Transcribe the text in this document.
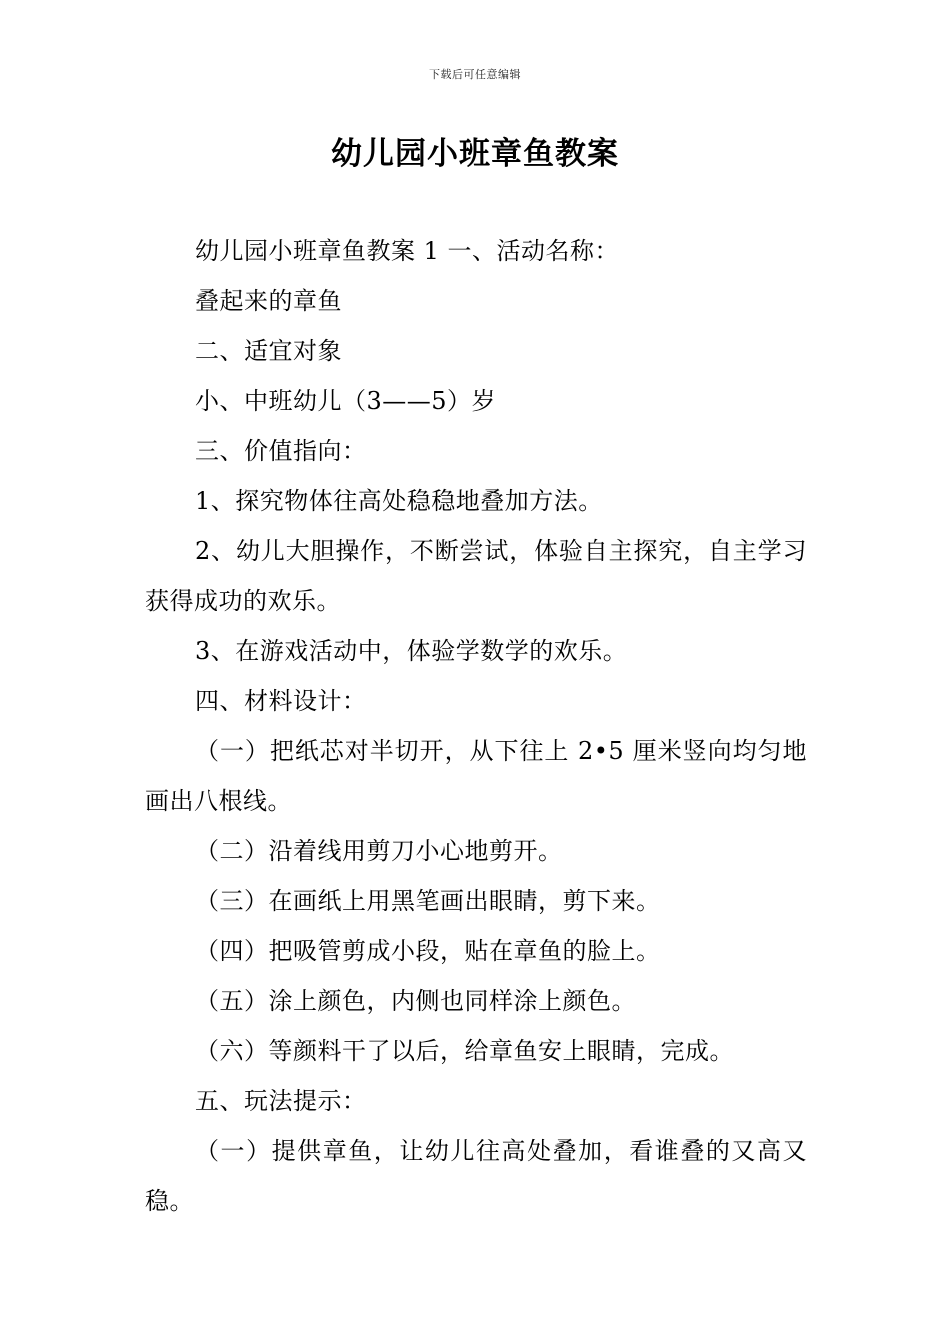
下载后可任意编辑
幼儿园小班章鱼教案

幼儿园小班章鱼教案 1 一、活动名称：

叠起来的章鱼

二、适宜对象

小、中班幼儿（3——5）岁

三、价值指向：

1、探究物体往高处稳稳地叠加方法。

2、幼儿大胆操作，不断尝试，体验自主探究，自主学习获得成功的欢乐。

3、在游戏活动中，体验学数学的欢乐。

四、材料设计：

（一）把纸芯对半切开，从下往上 2•5 厘米竖向均匀地画出八根线。

（二）沿着线用剪刀小心地剪开。

（三）在画纸上用黑笔画出眼睛，剪下来。

（四）把吸管剪成小段，贴在章鱼的脸上。

（五）涂上颜色，内侧也同样涂上颜色。

（六）等颜料干了以后，给章鱼安上眼睛，完成。

五、玩法提示：

（一）提供章鱼，让幼儿往高处叠加，看谁叠的又高又稳。
